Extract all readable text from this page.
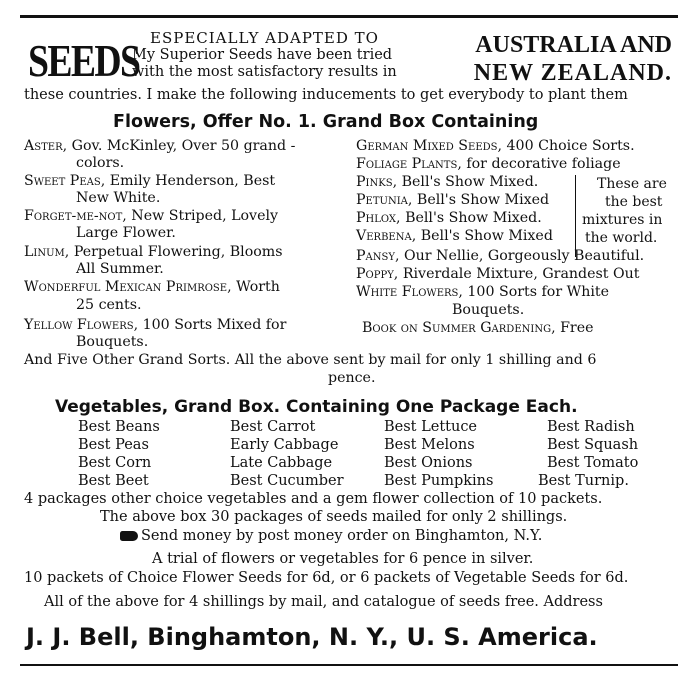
SEEDS ESPECIALLY ADAPTED TO
My Superior Seeds have been tried
with the most satisfactory results in
AUSTRALIA AND
NEW ZEALAND.
these countries. I make the following inducements to get everybody to plant them
Flowers, Offer No. 1. Grand Box Containing
Aster, Gov. McKinley, Over 50 grand -
colors.
Sweet Peas, Emily Henderson, Best
New White.
Forget-me-not, New Striped, Lovely
Large Flower.
Linum, Perpetual Flowering, Blooms
All Summer.
Wonderful Mexican Primrose, Worth
25 cents.
Yellow Flowers, 100 Sorts Mixed for
Bouquets.
German Mixed Seeds, 400 Choice Sorts.
Foliage Plants, for decorative foliage
Pinks, Bell's Show Mixed.
Petunia, Bell's Show Mixed
Phlox, Bell's Show Mixed.
Verbena, Bell's Show Mixed
These are
the best
mixtures in
the world.
Pansy, Our Nellie, Gorgeously Beautiful.
Poppy, Riverdale Mixture, Grandest Out
White Flowers, 100 Sorts for White
Bouquets.
Book on Summer Gardening, Free
And Five Other Grand Sorts. All the above sent by mail for only 1 shilling and 6
pence.
Vegetables, Grand Box. Containing One Package Each.
Best Beans
Best Peas
Best Corn
Best Beet
Best Carrot
Early Cabbage
Late Cabbage
Best Cucumber
Best Lettuce
Best Melons
Best Onions
Best Pumpkins
Best Radish
Best Squash
Best Tomato
Best Turnip.
4 packages other choice vegetables and a gem flower collection of 10 packets.
The above box 30 packages of seeds mailed for only 2 shillings.
Send money by post money order on Binghamton, N.Y.
A trial of flowers or vegetables for 6 pence in silver.
10 packets of Choice Flower Seeds for 6d, or 6 packets of Vegetable Seeds for 6d.
All of the above for 4 shillings by mail, and catalogue of seeds free. Address
J. J. Bell, Binghamton, N. Y., U. S. America.
